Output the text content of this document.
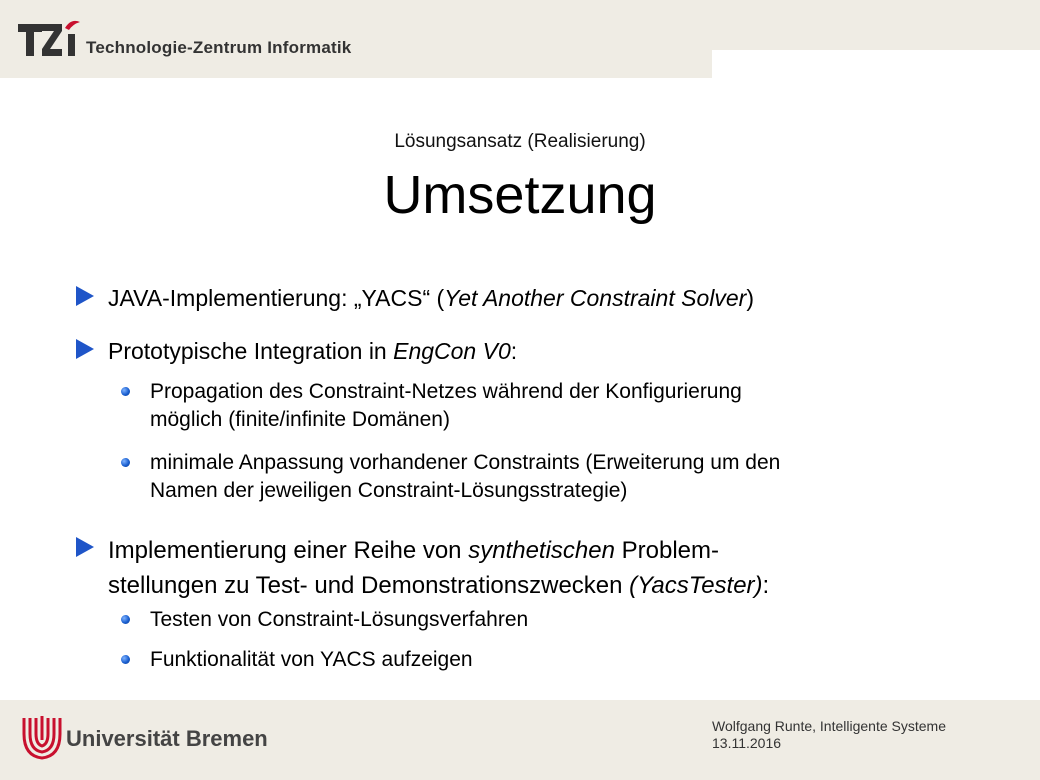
Technologie-Zentrum Informatik
Lösungsansatz (Realisierung)
Umsetzung
JAVA-Implementierung: „YACS“ (Yet Another Constraint Solver)
Prototypische Integration in EngCon V0:
Propagation des Constraint-Netzes während der Konfigurierung
möglich (finite/infinite Domänen)
minimale Anpassung vorhandener Constraints (Erweiterung um den
Namen der jeweiligen Constraint-Lösungsstrategie)
Implementierung einer Reihe von synthetischen Problem-
stellungen zu Test- und Demonstrationszwecken (YacsTester):
Testen von Constraint-Lösungsverfahren
Funktionalität von YACS aufzeigen
Universität Bremen	Wolfgang Runte, Intelligente Systeme
13.11.2016
